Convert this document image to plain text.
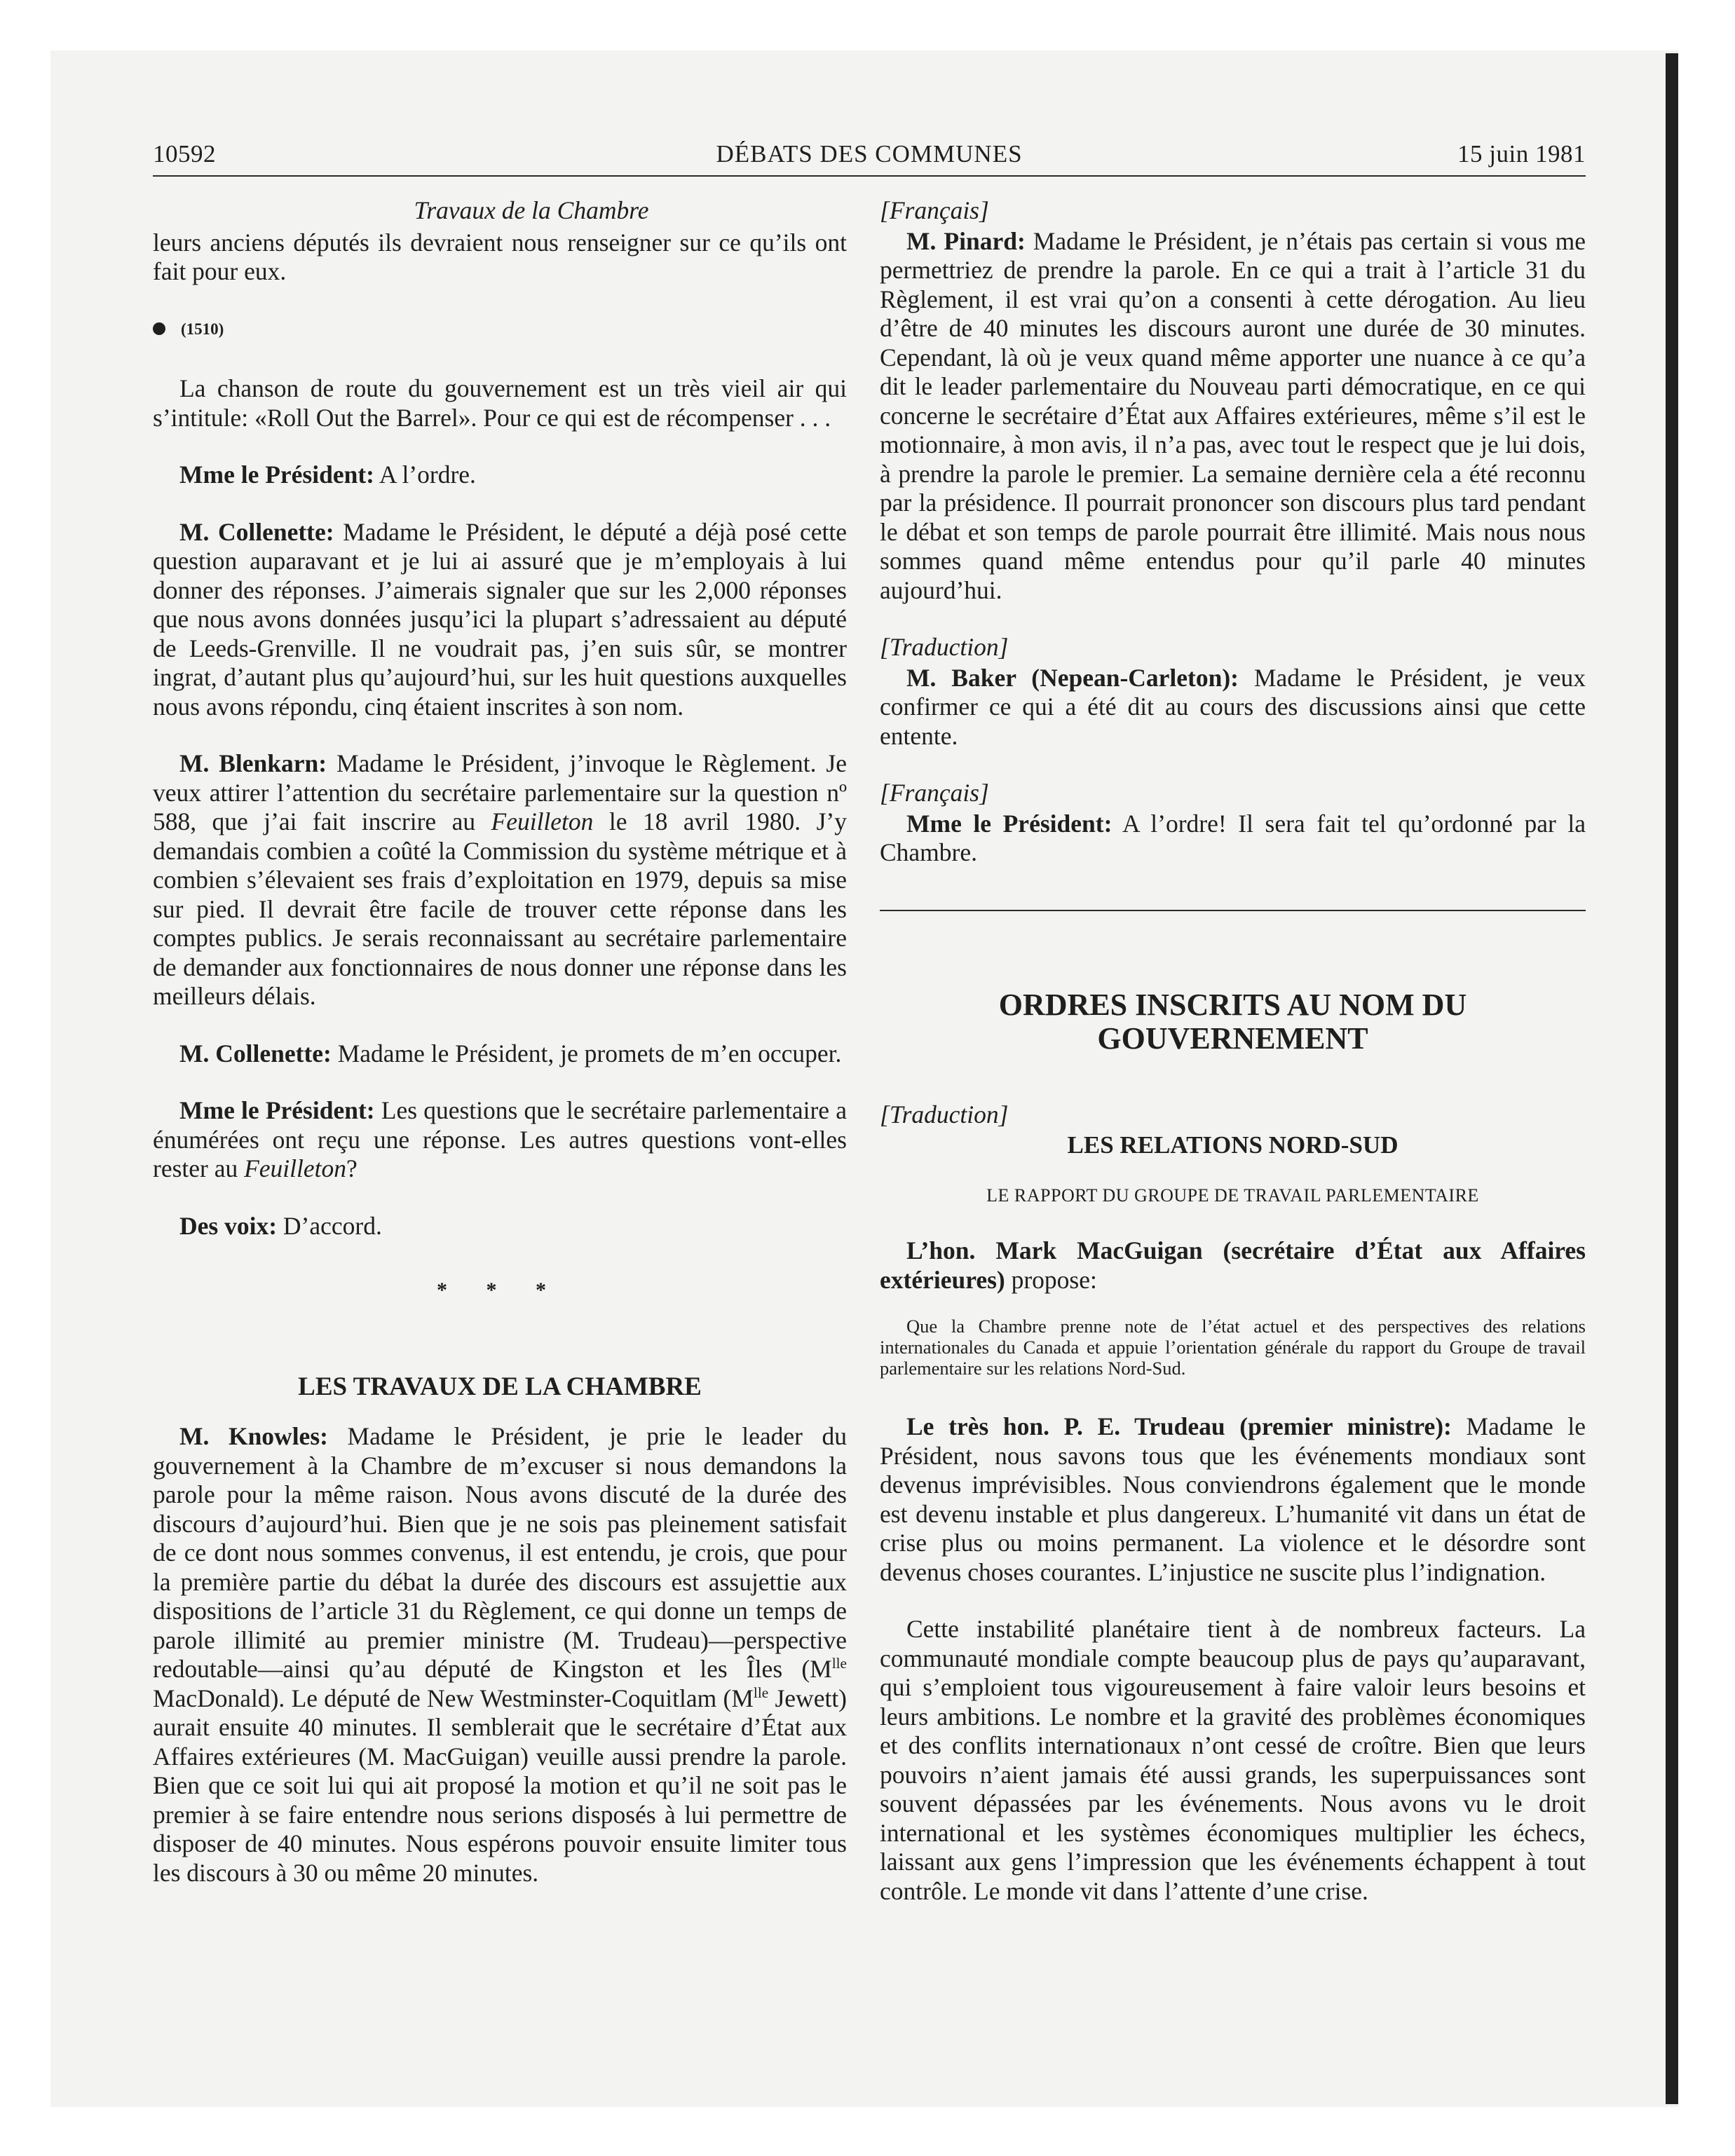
10592	DÉBATS DES COMMUNES	15 juin 1981
Travaux de la Chambre

leurs anciens députés ils devraient nous renseigner sur ce qu’ils ont fait pour eux.

(1510)

La chanson de route du gouvernement est un très vieil air qui s’intitule: «Roll Out the Barrel». Pour ce qui est de récompenser . . .

Mme le Président: A l’ordre.

M. Collenette: Madame le Président, le député a déjà posé cette question auparavant et je lui ai assuré que je m’employais à lui donner des réponses. J’aimerais signaler que sur les 2,000 réponses que nous avons données jusqu’ici la plupart s’adressaient au député de Leeds-Grenville. Il ne voudrait pas, j’en suis sûr, se montrer ingrat, d’autant plus qu’aujourd’hui, sur les huit questions auxquelles nous avons répondu, cinq étaient inscrites à son nom.

M. Blenkarn: Madame le Président, j’invoque le Règlement. Je veux attirer l’attention du secrétaire parlementaire sur la question nº 588, que j’ai fait inscrire au Feuilleton le 18 avril 1980. J’y demandais combien a coûté la Commission du système métrique et à combien s’élevaient ses frais d’exploitation en 1979, depuis sa mise sur pied. Il devrait être facile de trouver cette réponse dans les comptes publics. Je serais reconnaissant au secrétaire parlementaire de demander aux fonctionnaires de nous donner une réponse dans les meilleurs délais.

M. Collenette: Madame le Président, je promets de m’en occuper.

Mme le Président: Les questions que le secrétaire parlementaire a énumérées ont reçu une réponse. Les autres questions vont-elles rester au Feuilleton?

Des voix: D’accord.

* * *
LES TRAVAUX DE LA CHAMBRE

M. Knowles: Madame le Président, je prie le leader du gouvernement à la Chambre de m’excuser si nous demandons la parole pour la même raison. Nous avons discuté de la durée des discours d’aujourd’hui. Bien que je ne sois pas pleinement satisfait de ce dont nous sommes convenus, il est entendu, je crois, que pour la première partie du débat la durée des discours est assujettie aux dispositions de l’article 31 du Règlement, ce qui donne un temps de parole illimité au premier ministre (M. Trudeau)—perspective redoutable—ainsi qu’au député de Kingston et les Îles ($M^{lle}$ MacDonald). Le député de New Westminster-Coquitlam ($M^{lle}$ Jewett) aurait ensuite 40 minutes. Il semblerait que le secrétaire d’État aux Affaires extérieures (M. MacGuigan) veuille aussi prendre la parole. Bien que ce soit lui qui ait proposé la motion et qu’il ne soit pas le premier à se faire entendre nous serions disposés à lui permettre de disposer de 40 minutes. Nous espérons pouvoir ensuite limiter tous les discours à 30 ou même 20 minutes.

[Français]

M. Pinard: Madame le Président, je n’étais pas certain si vous me permettriez de prendre la parole. En ce qui a trait à l’article 31 du Règlement, il est vrai qu’on a consenti à cette dérogation. Au lieu d’être de 40 minutes les discours auront une durée de 30 minutes. Cependant, là où je veux quand même apporter une nuance à ce qu’a dit le leader parlementaire du Nouveau parti démocratique, en ce qui concerne le secrétaire d’État aux Affaires extérieures, même s’il est le motionnaire, à mon avis, il n’a pas, avec tout le respect que je lui dois, à prendre la parole le premier. La semaine dernière cela a été reconnu par la présidence. Il pourrait prononcer son discours plus tard pendant le débat et son temps de parole pourrait être illimité. Mais nous nous sommes quand même entendus pour qu’il parle 40 minutes aujourd’hui.

[Traduction]

M. Baker (Nepean-Carleton): Madame le Président, je veux confirmer ce qui a été dit au cours des discussions ainsi que cette entente.

[Français]

Mme le Président: A l’ordre! Il sera fait tel qu’ordonné par la Chambre.

ORDRES INSCRITS AU NOM DU GOUVERNEMENT
[Traduction]
LES RELATIONS NORD-SUD
LE RAPPORT DU GROUPE DE TRAVAIL PARLEMENTAIRE

L’hon. Mark MacGuigan (secrétaire d’État aux Affaires extérieures) propose:

Que la Chambre prenne note de l’état actuel et des perspectives des relations internationales du Canada et appuie l’orientation générale du rapport du Groupe de travail parlementaire sur les relations Nord-Sud.

Le très hon. P. E. Trudeau (premier ministre): Madame le Président, nous savons tous que les événements mondiaux sont devenus imprévisibles. Nous conviendrons également que le monde est devenu instable et plus dangereux. L’humanité vit dans un état de crise plus ou moins permanent. La violence et le désordre sont devenus choses courantes. L’injustice ne suscite plus l’indignation.

Cette instabilité planétaire tient à de nombreux facteurs. La communauté mondiale compte beaucoup plus de pays qu’auparavant, qui s’emploient tous vigoureusement à faire valoir leurs besoins et leurs ambitions. Le nombre et la gravité des problèmes économiques et des conflits internationaux n’ont cessé de croître. Bien que leurs pouvoirs n’aient jamais été aussi grands, les superpuissances sont souvent dépassées par les événements. Nous avons vu le droit international et les systèmes économiques multiplier les échecs, laissant aux gens l’impression que les événements échappent à tout contrôle. Le monde vit dans l’attente d’une crise.
